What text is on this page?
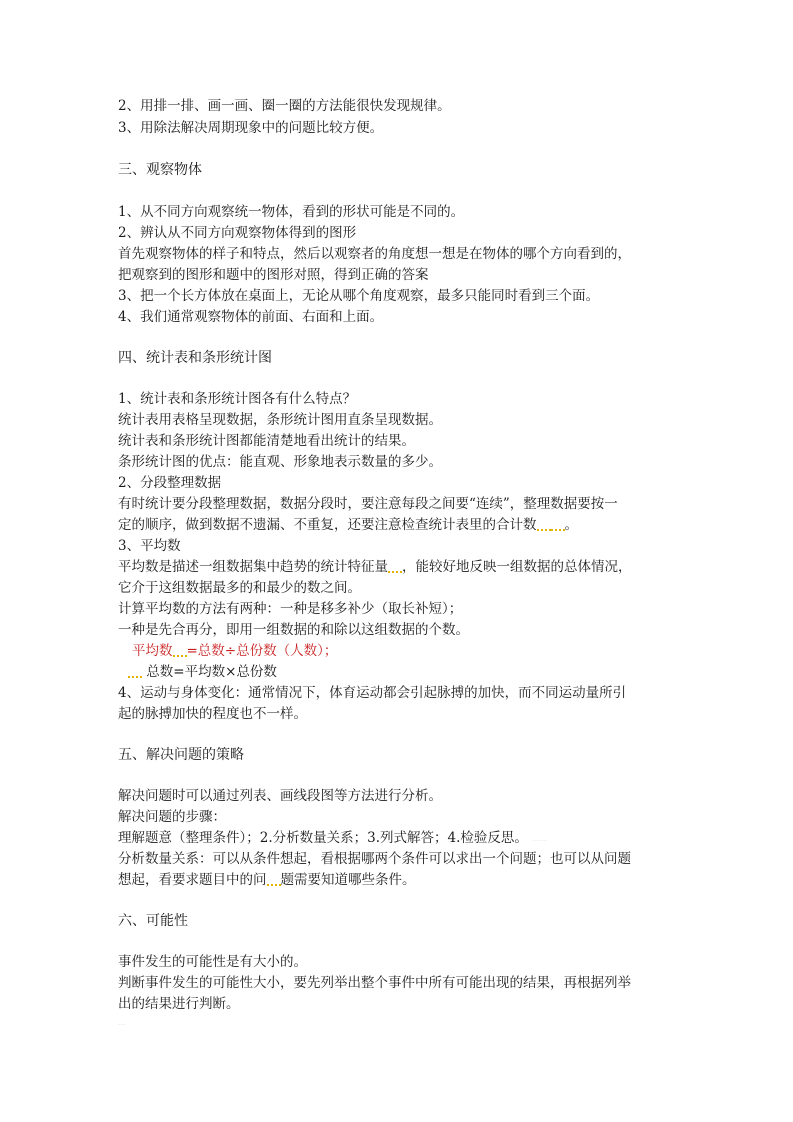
2、用排一排、画一画、圈一圈的方法能很快发现规律。
3、用除法解决周期现象中的问题比较方便。
三、观察物体
1、从不同方向观察统一物体，看到的形状可能是不同的。
2、辨认从不同方向观察物体得到的图形
首先观察物体的样子和特点，然后以观察者的角度想一想是在物体的哪个方向看到的，
把观察到的图形和题中的图形对照，得到正确的答案
3、把一个长方体放在桌面上，无论从哪个角度观察，最多只能同时看到三个面。
4、我们通常观察物体的前面、右面和上面。
四、统计表和条形统计图
1、统计表和条形统计图各有什么特点？
统计表用表格呈现数据，条形统计图用直条呈现数据。
统计表和条形统计图都能清楚地看出统计的结果。
条形统计图的优点：能直观、形象地表示数量的多少。
2、分段整理数据
有时统计要分段整理数据，数据分段时，要注意每段之间要“连续”，整理数据要按一
定的顺序，做到数据不遗漏、不重复，还要注意检查统计表里的合计数 。
3、平均数
平均数是描述一组数据集中趋势的统计特征量 ，能较好地反映一组数据的总体情况，
它介于这组数据最多的和最少的数之间。
计算平均数的方法有两种：一种是移多补少（取长补短）；
一种是先合再分，即用一组数据的和除以这组数据的个数。
平均数 =总数÷总份数（人数）；
总数=平均数×总份数
4、运动与身体变化：通常情况下，体育运动都会引起脉搏的加快，而不同运动量所引
起的脉搏加快的程度也不一样。
五、解决问题的策略
解决问题时可以通过列表、画线段图等方法进行分析。
解决问题的步骤：
理解题意（整理条件）；2.分析数量关系；3.列式解答；4.检验反思。 ············
分析数量关系：可以从条件想起，看根据哪两个条件可以求出一个问题；也可以从问题
想起，看要求题目中的问 题需要知道哪些条件。
六、可能性
事件发生的可能性是有大小的。
判断事件发生的可能性大小，要先列举出整个事件中所有可能出现的结果，再根据列举
出的结果进行判断。
······
